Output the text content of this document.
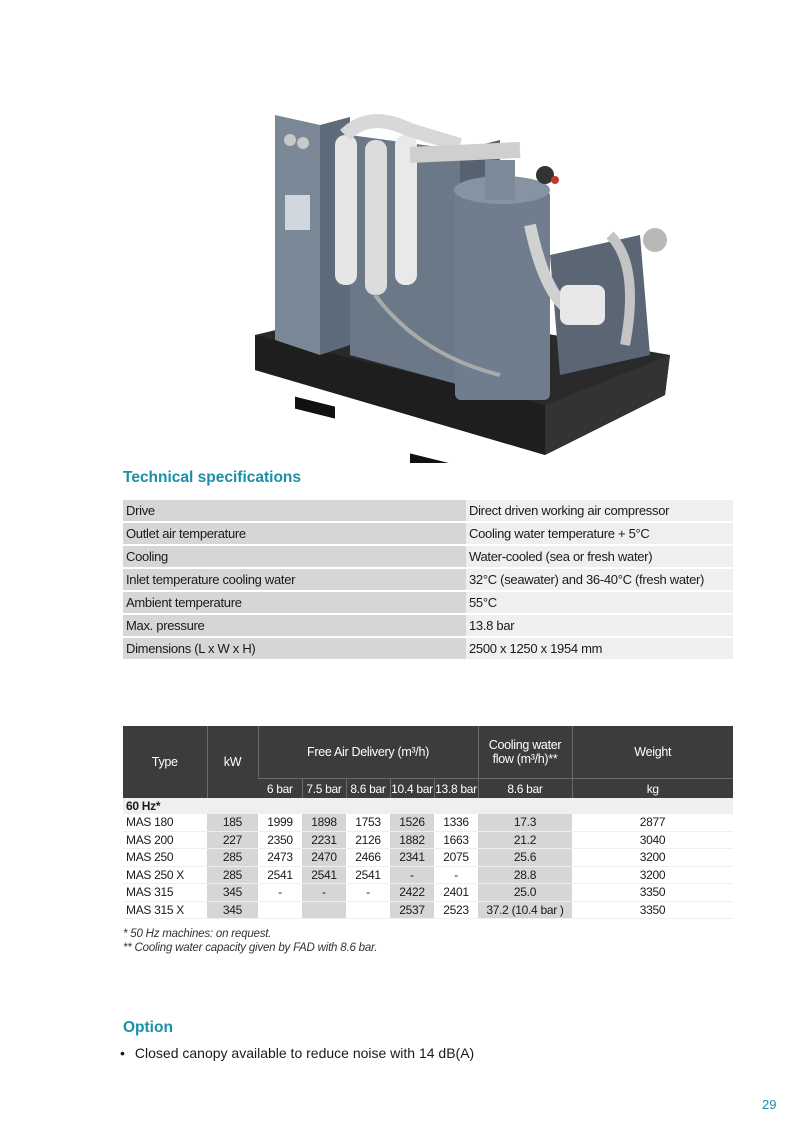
Technical specifications
Drive	Direct driven working air compressor
Outlet air temperature	Cooling water temperature + 5°C
Cooling	Water-cooled (sea or fresh water)
Inlet temperature cooling water	32°C (seawater) and 36-40°C (fresh water)
Ambient temperature	55°C
Max. pressure	13.8 bar
Dimensions (L x W x H)	2500 x 1250 x 1954 mm
Type	kW	Free Air Delivery (m³/h)					Cooling water flow (m³/h)**	Weight
		6 bar	7.5 bar	8.6 bar	10.4 bar	13.8 bar	8.6 bar	kg
60 Hz*								
MAS 180	185	1999	1898	1753	1526	1336	17.3	2877
MAS 200	227	2350	2231	2126	1882	1663	21.2	3040
MAS 250	285	2473	2470	2466	2341	2075	25.6	3200
MAS 250 X	285	2541	2541	2541	-	-	28.8	3200
MAS 315	345	-	-	-	2422	2401	25.0	3350
MAS 315 X	345				2537	2523	37.2 (10.4 bar )	3350

* 50 Hz machines: on request.

** Cooling water capacity given by FAD with 8.6 bar.

Option
• Closed canopy available to reduce noise with 14 dB(A)
29
